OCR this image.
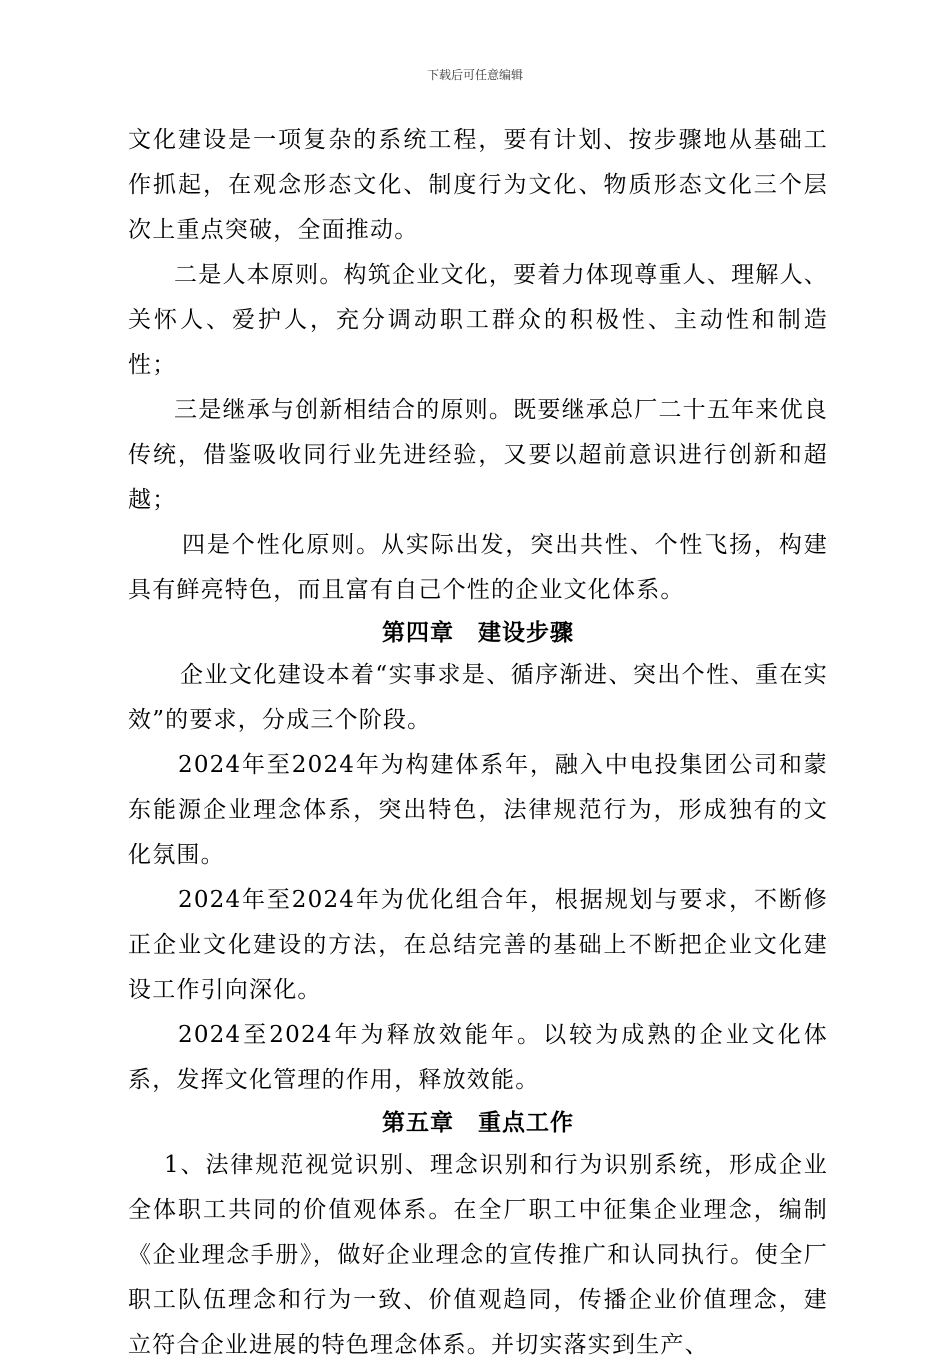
下载后可任意编辑

文化建设是一项复杂的系统工程，要有计划、按步骤地从基础工作抓起，在观念形态文化、制度行为文化、物质形态文化三个层次上重点突破，全面推动。

二是人本原则。构筑企业文化，要着力体现尊重人、理解人、关怀人、爱护人，充分调动职工群众的积极性、主动性和制造性；

三是继承与创新相结合的原则。既要继承总厂二十五年来优良传统，借鉴吸收同行业先进经验，又要以超前意识进行创新和超越；

四是个性化原则。从实际出发，突出共性、个性飞扬，构建具有鲜亮特色，而且富有自己个性的企业文化体系。

第四章　建设步骤

企业文化建设本着“实事求是、循序渐进、突出个性、重在实效”的要求，分成三个阶段。

2024年至2024年为构建体系年，融入中电投集团公司和蒙东能源企业理念体系，突出特色，法律规范行为，形成独有的文化氛围。

2024年至2024年为优化组合年，根据规划与要求，不断修正企业文化建设的方法，在总结完善的基础上不断把企业文化建设工作引向深化。

2024至2024年为释放效能年。以较为成熟的企业文化体系，发挥文化管理的作用，释放效能。

第五章　重点工作

1、法律规范视觉识别、理念识别和行为识别系统，形成企业全体职工共同的价值观体系。在全厂职工中征集企业理念，编制《企业理念手册》，做好企业理念的宣传推广和认同执行。使全厂职工队伍理念和行为一致、价值观趋同，传播企业价值理念，建立符合企业进展的特色理念体系。并切实落实到生产、
